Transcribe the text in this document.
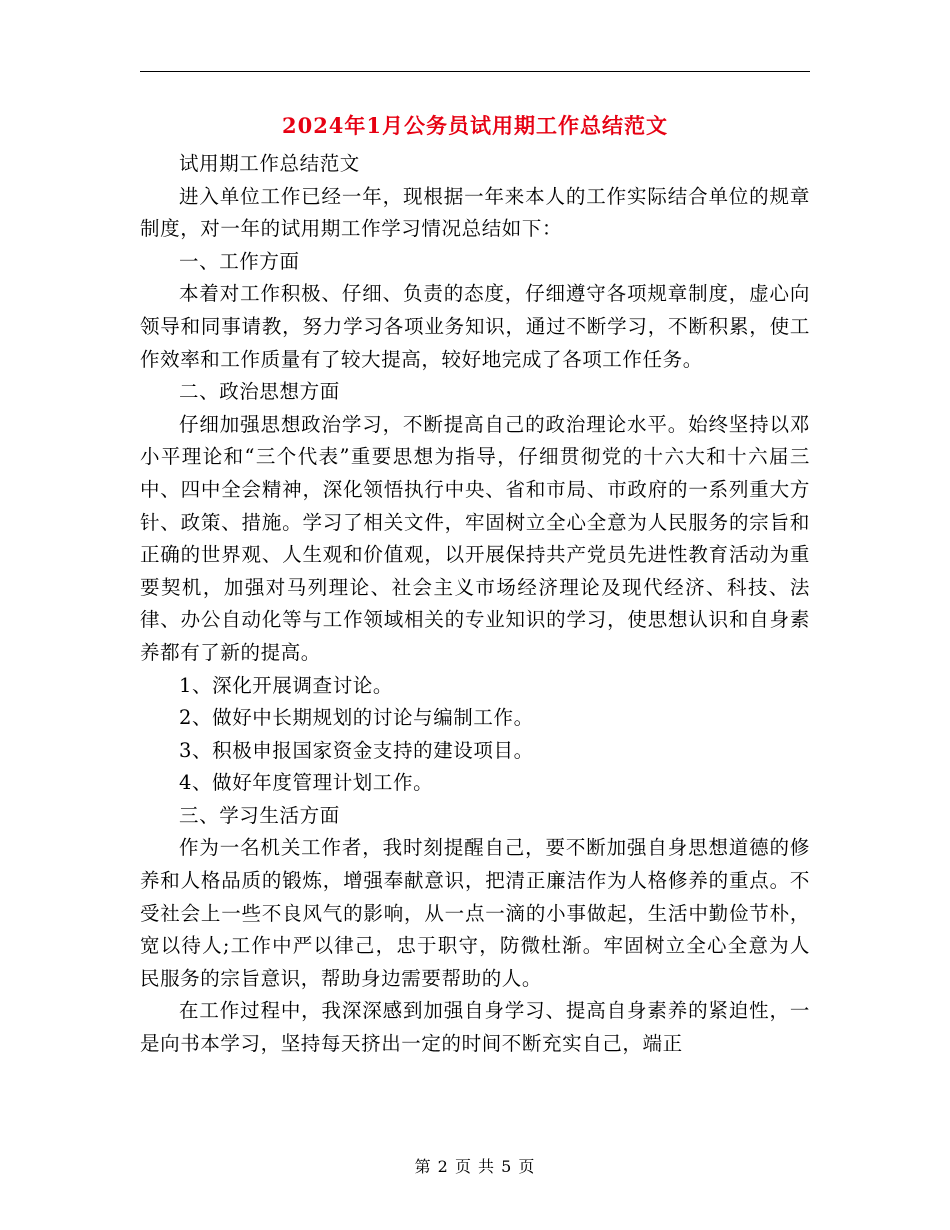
2024年1月公务员试用期工作总结范文

试用期工作总结范文

进入单位工作已经一年，现根据一年来本人的工作实际结合单位的规章制度，对一年的试用期工作学习情况总结如下：

一、工作方面

本着对工作积极、仔细、负责的态度，仔细遵守各项规章制度，虚心向领导和同事请教，努力学习各项业务知识，通过不断学习，不断积累，使工作效率和工作质量有了较大提高，较好地完成了各项工作任务。

二、政治思想方面

仔细加强思想政治学习，不断提高自己的政治理论水平。始终坚持以邓小平理论和“三个代表”重要思想为指导，仔细贯彻党的十六大和十六届三中、四中全会精神，深化领悟执行中央、省和市局、市政府的一系列重大方针、政策、措施。学习了相关文件，牢固树立全心全意为人民服务的宗旨和正确的世界观、人生观和价值观，以开展保持共产党员先进性教育活动为重要契机，加强对马列理论、社会主义市场经济理论及现代经济、科技、法律、办公自动化等与工作领域相关的专业知识的学习，使思想认识和自身素养都有了新的提高。

1、深化开展调查讨论。

2、做好中长期规划的讨论与编制工作。

3、积极申报国家资金支持的建设项目。

4、做好年度管理计划工作。

三、学习生活方面

作为一名机关工作者，我时刻提醒自己，要不断加强自身思想道德的修养和人格品质的锻炼，增强奉献意识，把清正廉洁作为人格修养的重点。不受社会上一些不良风气的影响，从一点一滴的小事做起，生活中勤俭节朴，宽以待人;工作中严以律己，忠于职守，防微杜渐。牢固树立全心全意为人民服务的宗旨意识，帮助身边需要帮助的人。

在工作过程中，我深深感到加强自身学习、提高自身素养的紧迫性，一是向书本学习，坚持每天挤出一定的时间不断充实自己，端正

第 2 页 共 5 页
